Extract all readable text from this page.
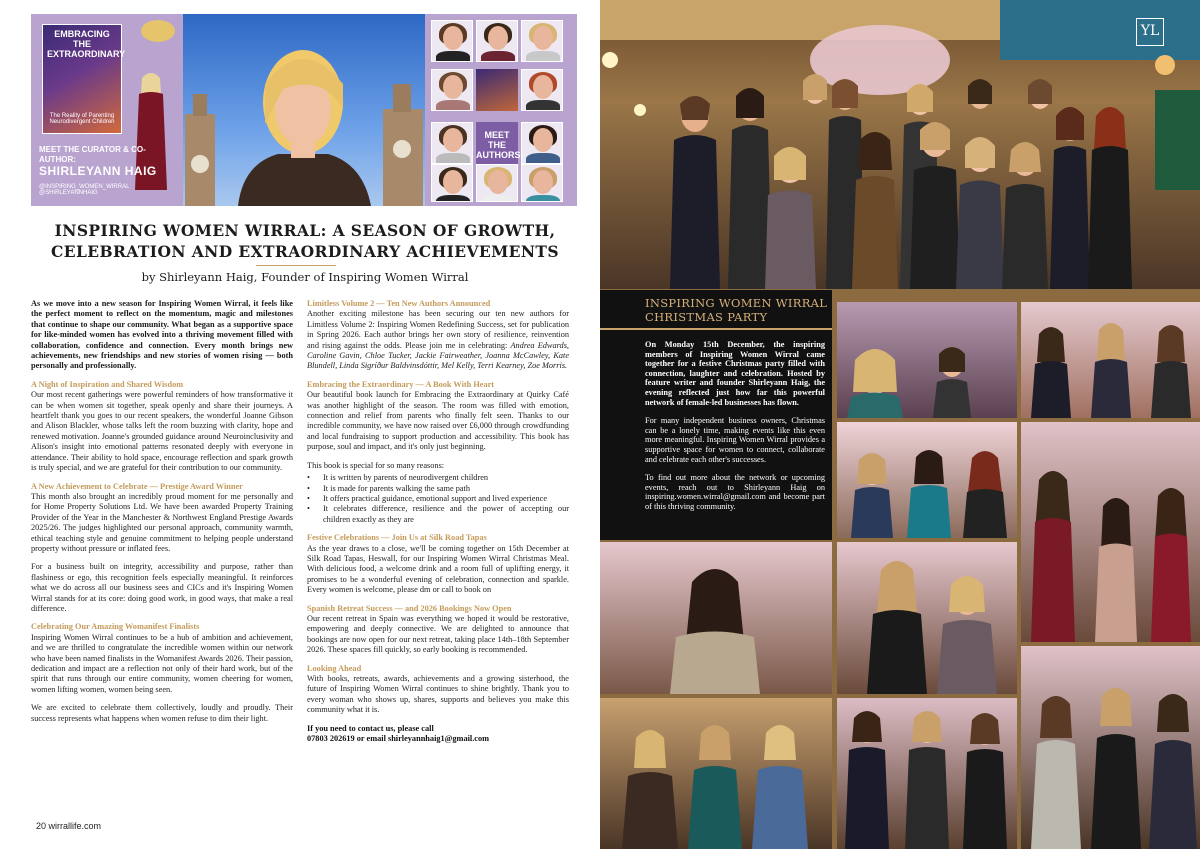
EMBRACING THE EXTRAORDINARY
The Reality of Parenting Neurodivergent Children
MEET THE CURATOR & CO-AUTHOR:
SHIRLEYANN HAIG
@INSPIRING_WOMEN_WIRRAL @SHIRLEYANNHAIG
MEET THE AUTHORS
INSPIRING WOMEN WIRRAL: A SEASON OF GROWTH, CELEBRATION AND EXTRAORDINARY ACHIEVEMENTS
by Shirleyann Haig, Founder of Inspiring Women Wirral

As we move into a new season for Inspiring Women Wirral, it feels like the perfect moment to reflect on the momentum, magic and milestones that continue to shape our community. What began as a supportive space for like-minded women has evolved into a thriving movement filled with collaboration, confidence and connection. Every month brings new achievements, new friendships and new stories of women rising — both personally and professionally.

A Night of Inspiration and Shared Wisdom

Our most recent gatherings were powerful reminders of how transformative it can be when women sit together, speak openly and share their journeys. A heartfelt thank you goes to our recent speakers, the wonderful Joanne Gibson and Alison Blackler, whose talks left the room buzzing with clarity, hope and renewed motivation. Joanne's grounded guidance around Neuroinclusivity and Alison's insight into emotional patterns resonated deeply with everyone in attendance. Their ability to hold space, encourage reflection and spark growth is truly special, and we are grateful for their contribution to our community.

A New Achievement to Celebrate — Prestige Award Winner

This month also brought an incredibly proud moment for me personally and for Home Property Solutions Ltd. We have been awarded Property Training Provider of the Year in the Manchester & Northwest England Prestige Awards 2025/26. The judges highlighted our personal approach, community warmth, ethical teaching style and genuine commitment to helping people understand property without pressure or inflated fees.

For a business built on integrity, accessibility and purpose, rather than flashiness or ego, this recognition feels especially meaningful. It reinforces what we do across all our business sees and CICs and it's Inspiring Women Wirral stands for at its core: doing good work, in good ways, that make a real difference.

Celebrating Our Amazing Womanifest Finalists

Inspiring Women Wirral continues to be a hub of ambition and achievement, and we are thrilled to congratulate the incredible women within our network who have been named finalists in the Womanifest Awards 2026. Their passion, dedication and impact are a reflection not only of their hard work, but of the spirit that runs through our entire community, women cheering for women, women lifting women, women being seen.

We are excited to celebrate them collectively, loudly and proudly. Their success represents what happens when women refuse to dim their light.

Limitless Volume 2 — Ten New Authors Announced

Another exciting milestone has been securing our ten new authors for Limitless Volume 2: Inspiring Women Redefining Success, set for publication in Spring 2026. Each author brings her own story of resilience, reinvention and rising against the odds. Please join me in celebrating: Andrea Edwards, Caroline Gavin, Chloe Tucker, Jackie Fairweather, Joanna McCawley, Kate Blundell, Linda Sigríður Baldvinsdóttir, Mel Kelly, Terri Kearney, Zoe Morris.

Embracing the Extraordinary — A Book With Heart

Our beautiful book launch for Embracing the Extraordinary at Quirky Café was another highlight of the season. The room was filled with emotion, connection and relief from parents who finally felt seen. Thanks to our incredible community, we have now raised over £6,000 through crowdfunding and local fundraising to support production and accessibility. This book has purpose, soul and impact, and it's only just beginning.

This book is special for so many reasons:

• It is written by parents of neurodivergent children
• It is made for parents walking the same path
• It offers practical guidance, emotional support and lived experience
• It celebrates difference, resilience and the power of accepting our children exactly as they are

Festive Celebrations — Join Us at Silk Road Tapas

As the year draws to a close, we'll be coming together on 15th December at Silk Road Tapas, Heswall, for our Inspiring Women Wirral Christmas Meal. With delicious food, a welcome drink and a room full of uplifting energy, it promises to be a wonderful evening of celebration, connection and sparkle. Every women is welcome, please dm or call to book on

Spanish Retreat Success — and 2026 Bookings Now Open

Our recent retreat in Spain was everything we hoped it would be restorative, empowering and deeply connective. We are delighted to announce that bookings are now open for our next retreat, taking place 14th–18th September 2026. These spaces fill quickly, so early booking is recommended.

Looking Ahead

With books, retreats, awards, achievements and a growing sisterhood, the future of Inspiring Women Wirral continues to shine brightly. Thank you to every woman who shows up, shares, supports and believes you make this community what it is.

If you need to contact us, please call

07803 202619 or email shirleyannhaig1@gmail.com

20 wirrallife.com
YL
INSPIRING WOMEN WIRRAL CHRISTMAS PARTY

On Monday 15th December, the inspiring members of Inspiring Women Wirral came together for a festive Christmas party filled with connection, laughter and celebration. Hosted by feature writer and founder Shirleyann Haig, the evening reflected just how far this powerful network of female-led businesses has flown.

For many independent business owners, Christmas can be a lonely time, making events like this even more meaningful. Inspiring Women Wirral provides a supportive space for women to connect, collaborate and celebrate each other's successes.

To find out more about the network or upcoming events, reach out to Shirleyann Haig on inspiring.women.wirral@gmail.com and become part of this thriving community.
